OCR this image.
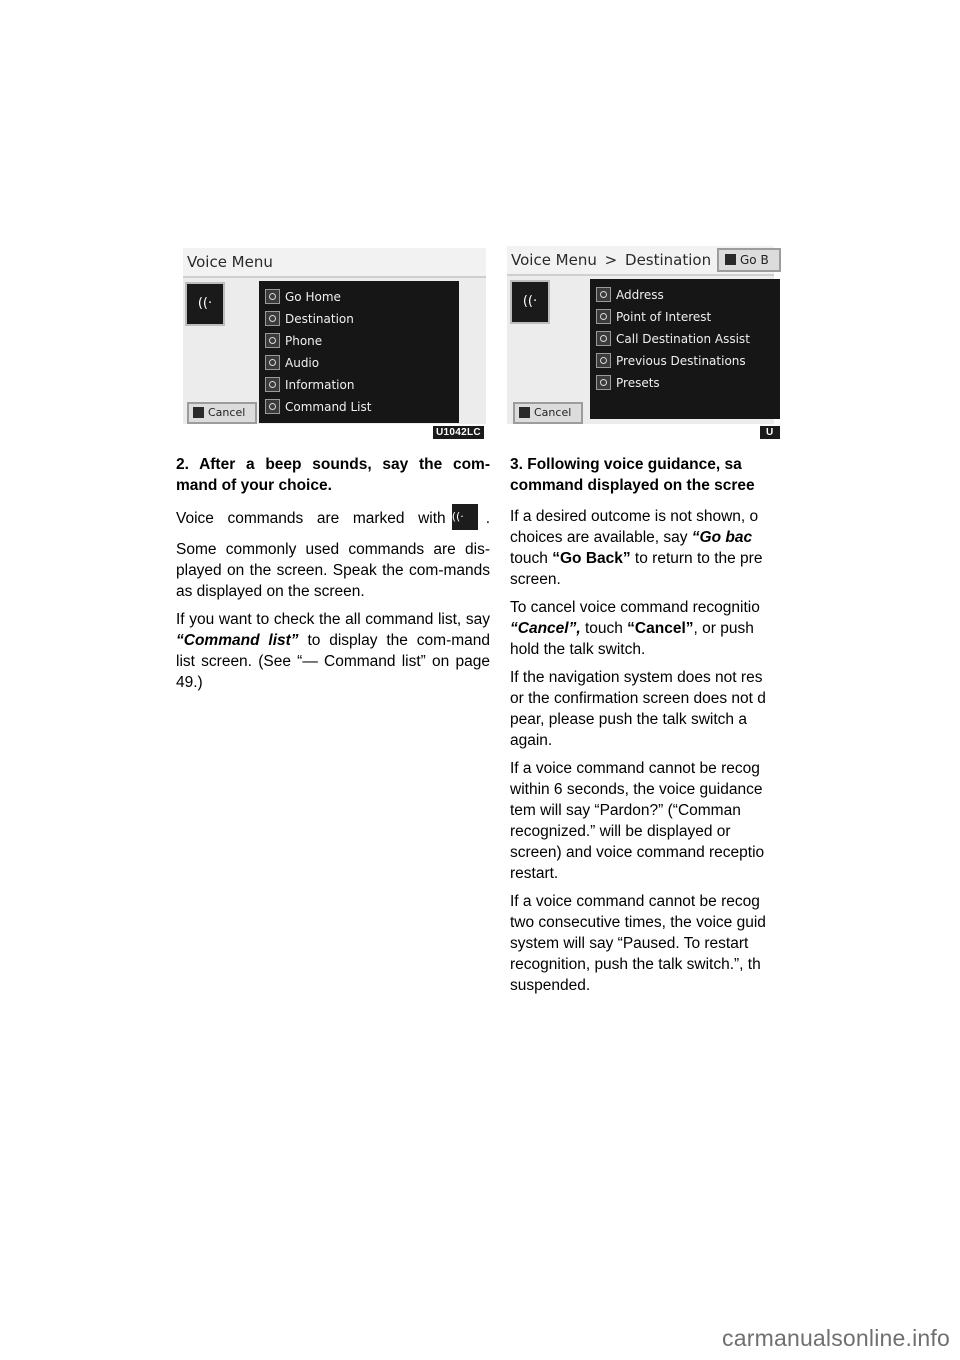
Voice Menu
((·	Go Home
Destination
Phone
Audio
Information
Command List
Cancel
U1042LC
Voice Menu > Destination	Go B
((·	Address
Point of Interest
Call Destination Assist
Previous Destinations
Presets
Cancel
U
2. After a beep sounds, say the com-
mand of your choice.
Voice commands are marked with ((· .
Some commonly used commands are dis-played on the screen. Speak the com-mands as displayed on the screen.
If you want to check the all command list, say “Command list” to display the com-mand list screen. (See “— Command list” on page 49.)
3. Following voice guidance, sa
command displayed on the scree
If a desired outcome is not shown, o choices are available, say “Go bac touch “Go Back” to return to the pre screen.
To cancel voice command recognitio “Cancel”, touch “Cancel”, or push hold the talk switch.
If the navigation system does not res or the confirmation screen does not d pear, please push the talk switch a again.
If a voice command cannot be recog within 6 seconds, the voice guidance tem will say “Pardon?” (“Comman recognized.” will be displayed or screen) and voice command receptio restart.
If a voice command cannot be recog two consecutive times, the voice guid system will say “Paused. To restart recognition, push the talk switch.”, th suspended.
carmanualsonline.info
